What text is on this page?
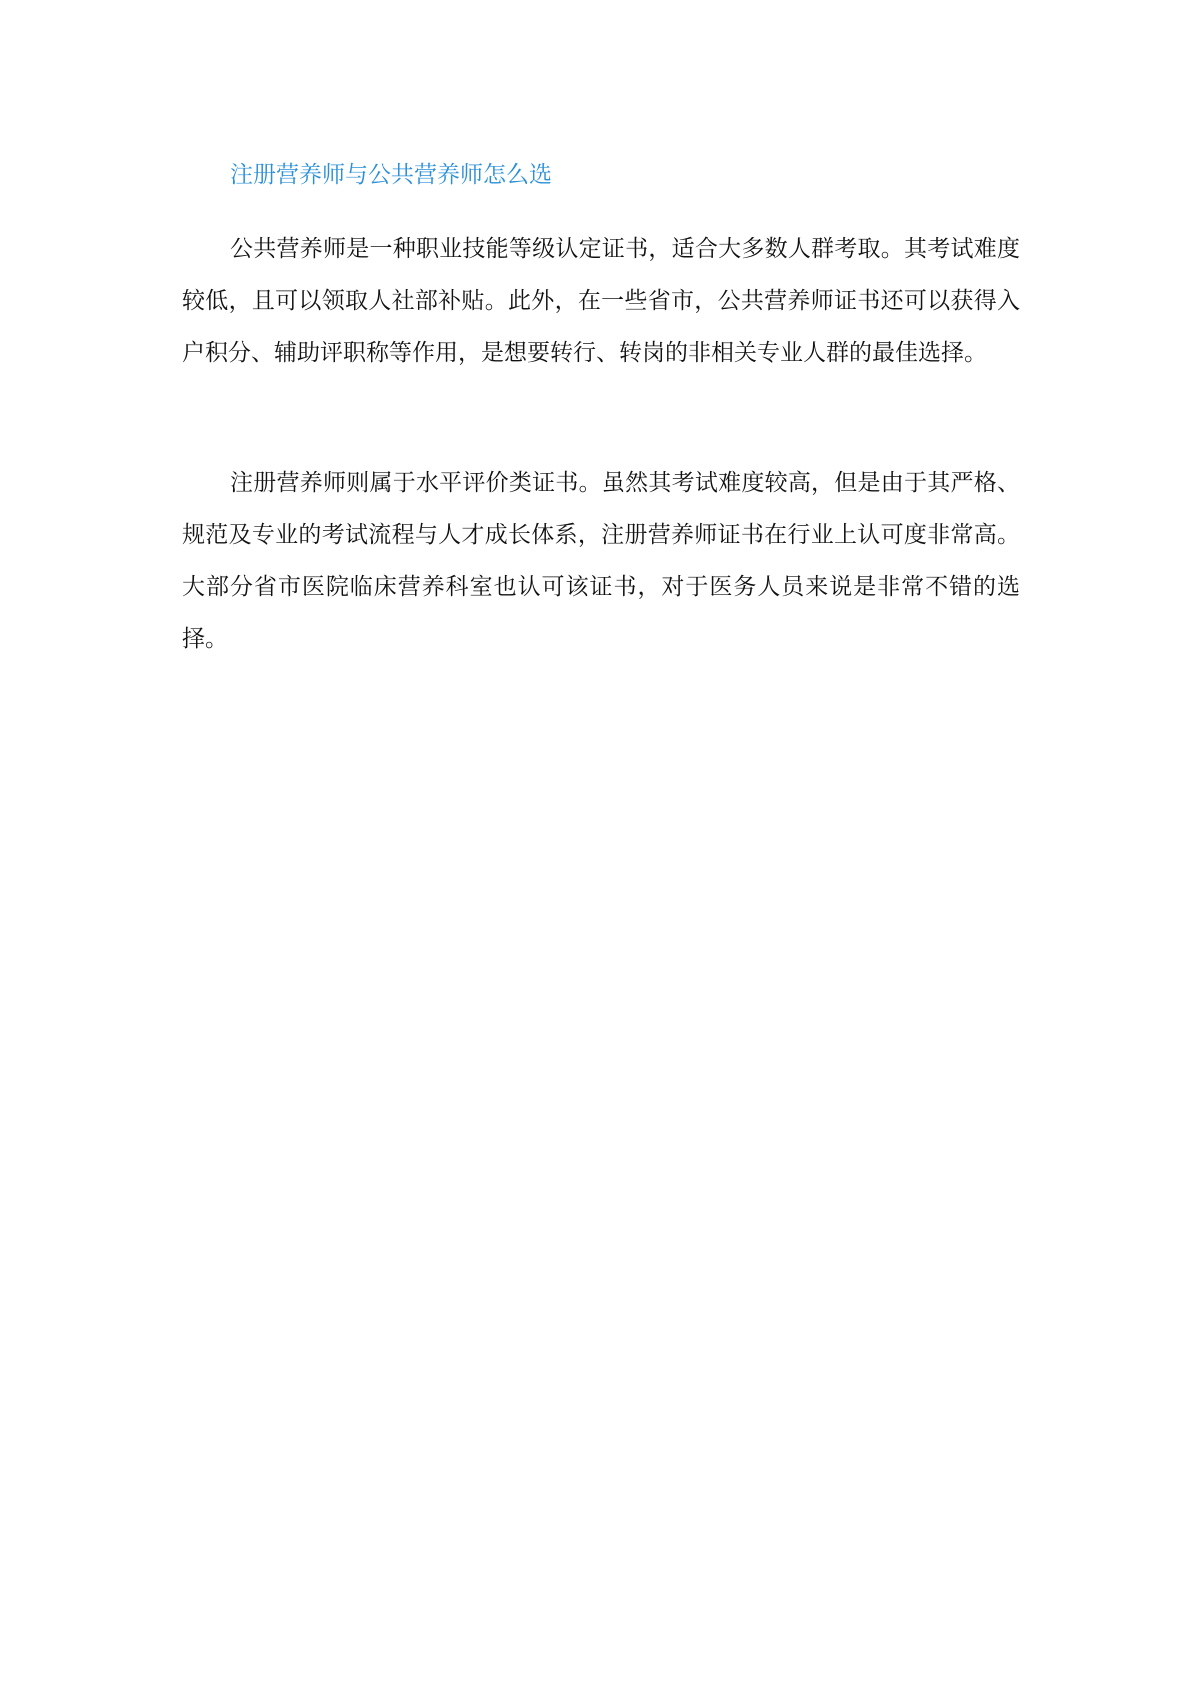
注册营养师与公共营养师怎么选

公共营养师是一种职业技能等级认定证书，适合大多数人群考取。其考试难度较低，且可以领取人社部补贴。此外，在一些省市，公共营养师证书还可以获得入户积分、辅助评职称等作用，是想要转行、转岗的非相关专业人群的最佳选择。

注册营养师则属于水平评价类证书。虽然其考试难度较高，但是由于其严格、规范及专业的考试流程与人才成长体系，注册营养师证书在行业上认可度非常高。大部分省市医院临床营养科室也认可该证书，对于医务人员来说是非常不错的选择。
